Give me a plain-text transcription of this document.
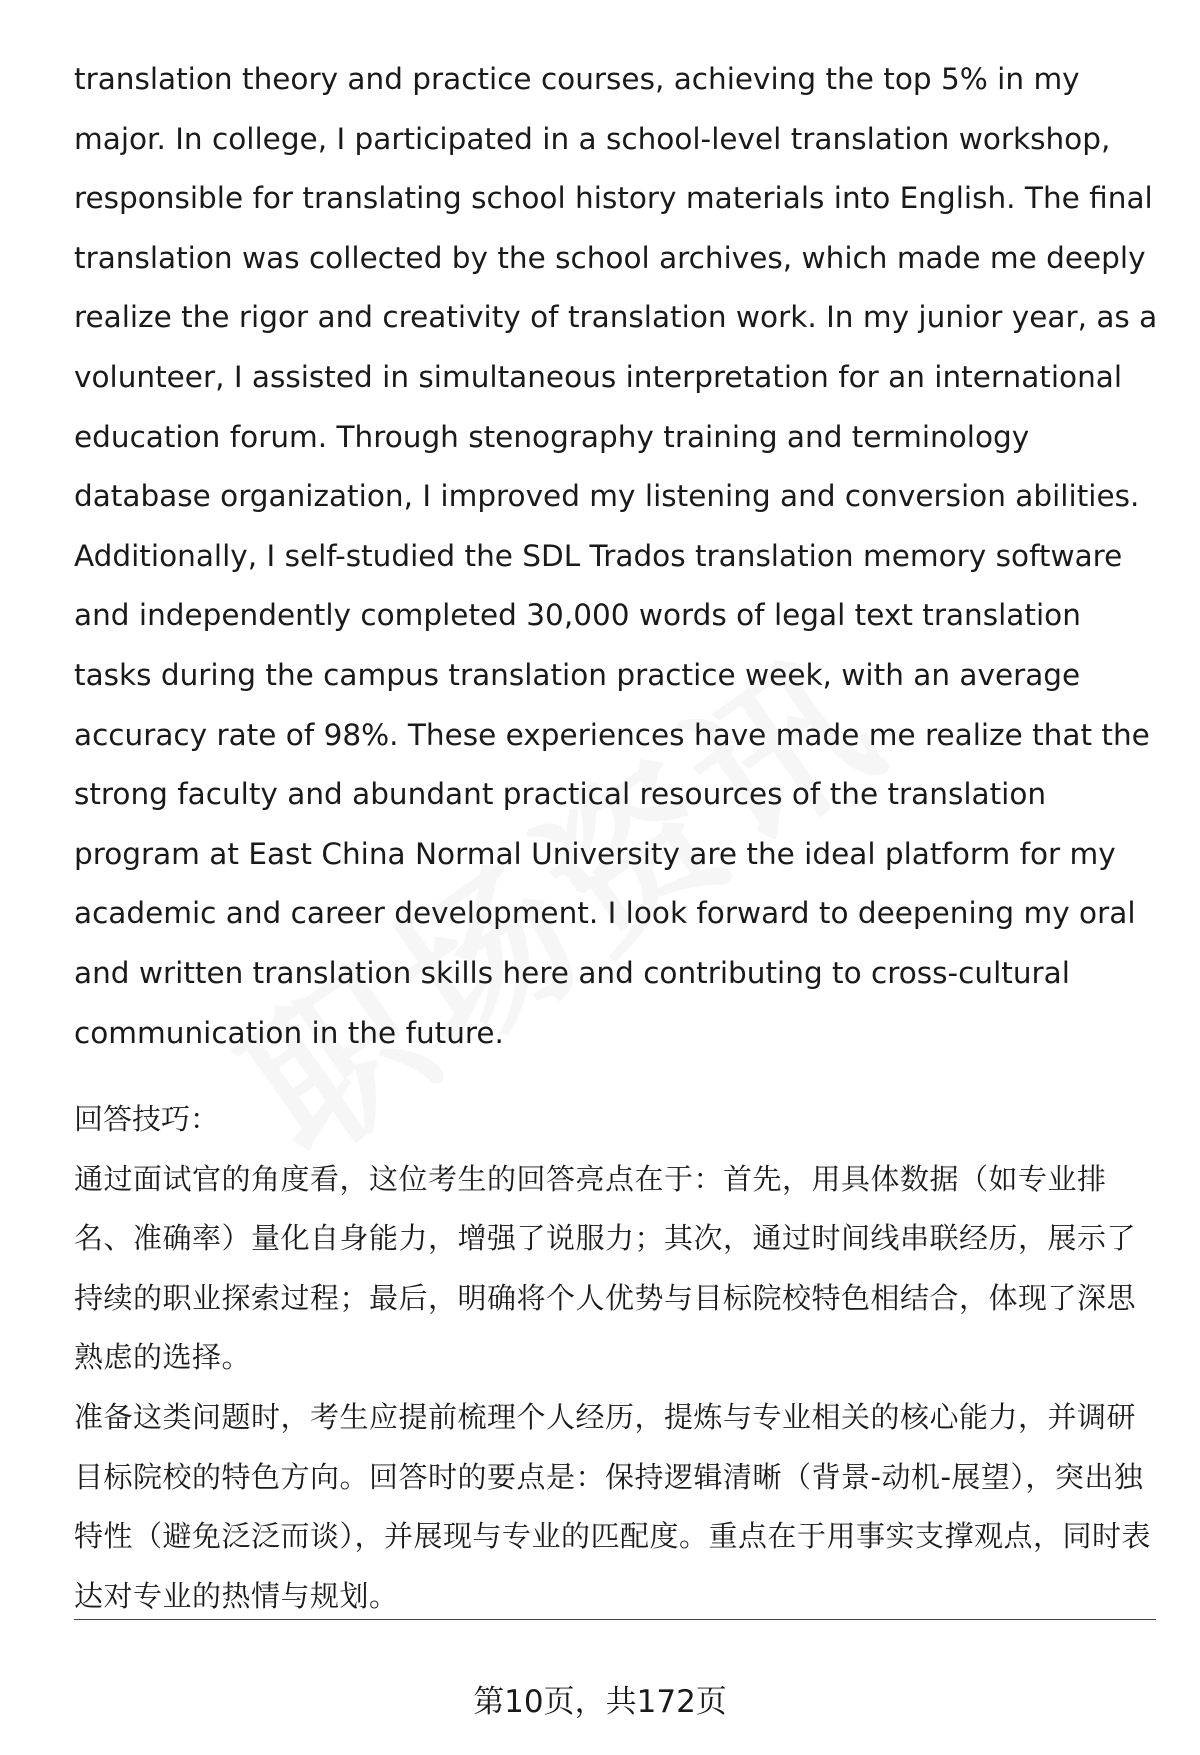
translation theory and practice courses, achieving the top 5% in my major. In college, I participated in a school-level translation workshop, responsible for translating school history materials into English. The final translation was collected by the school archives, which made me deeply realize the rigor and creativity of translation work. In my junior year, as a volunteer, I assisted in simultaneous interpretation for an international education forum. Through stenography training and terminology database organization, I improved my listening and conversion abilities. Additionally, I self-studied the SDL Trados translation memory software and independently completed 30,000 words of legal text translation tasks during the campus translation practice week, with an average accuracy rate of 98%. These experiences have made me realize that the strong faculty and abundant practical resources of the translation program at East China Normal University are the ideal platform for my academic and career development. I look forward to deepening my oral and written translation skills here and contributing to cross-cultural communication in the future.

回答技巧：

通过面试官的角度看，这位考生的回答亮点在于：首先，用具体数据（如专业排名、准确率）量化自身能力，增强了说服力；其次，通过时间线串联经历，展示了持续的职业探索过程；最后，明确将个人优势与目标院校特色相结合，体现了深思熟虑的选择。

准备这类问题时，考生应提前梳理个人经历，提炼与专业相关的核心能力，并调研目标院校的特色方向。回答时的要点是：保持逻辑清晰（背景-动机-展望），突出独特性（避免泛泛而谈），并展现与专业的匹配度。重点在于用事实支撑观点，同时表达对专业的热情与规划。

第10页，共172页
